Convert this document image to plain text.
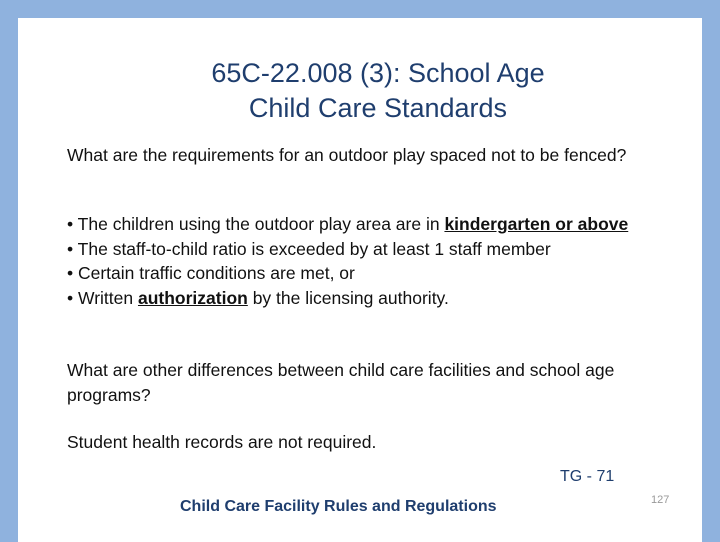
65C-22.008 (3): School Age
Child Care Standards
What are the requirements for an outdoor play spaced not to be fenced?
• The children using the outdoor play area are in kindergarten or above
• The staff-to-child ratio is exceeded by at least 1 staff member
• Certain traffic conditions are met, or
• Written authorization by the licensing authority.
What are other differences between child care facilities and school age programs?
Student health records are not required.
TG - 71
Child Care Facility Rules and Regulations	127
